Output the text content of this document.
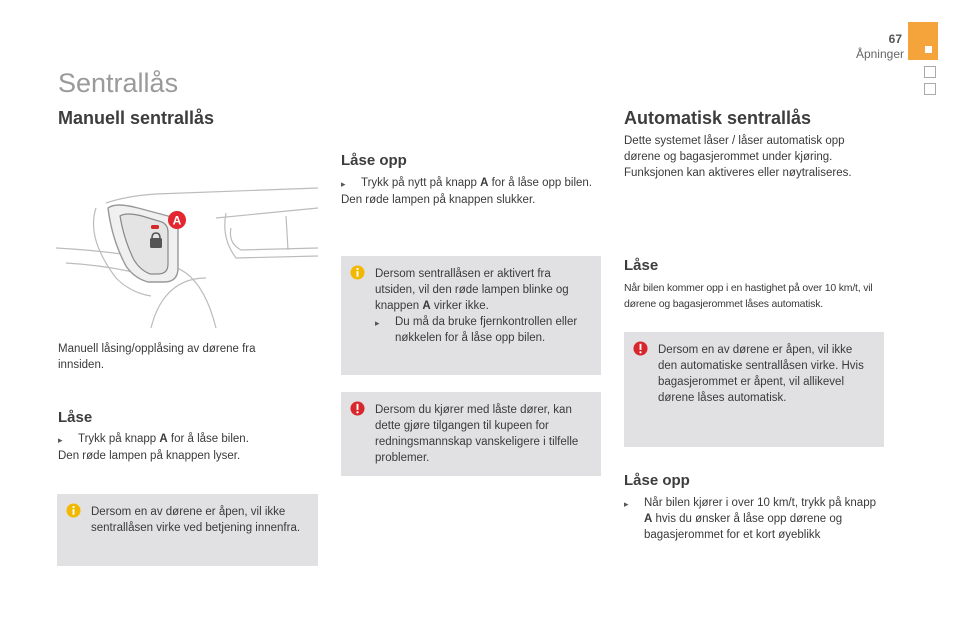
67
Åpninger
Sentrallås
Manuell sentrallås
A
Manuell låsing/opplåsing av dørene fra innsiden.
Låse
▸	Trykk på knapp A for å låse bilen.
Den røde lampen på knappen lyser.
Dersom en av dørene er åpen, vil ikke sentrallåsen virke ved betjening innenfra.
Låse opp
▸	Trykk på nytt på knapp A for å låse opp bilen.
Den røde lampen på knappen slukker.
Dersom sentrallåsen er aktivert fra utsiden, vil den røde lampen blinke og knappen A virker ikke.
▸	Du må da bruke fjernkontrollen eller nøkkelen for å låse opp bilen.
Dersom du kjører med låste dører, kan dette gjøre tilgangen til kupeen for redningsmannskap vanskeligere i tilfelle problemer.
Automatisk sentrallås
Dette systemet låser / låser automatisk opp dørene og bagasjerommet under kjøring. Funksjonen kan aktiveres eller nøytraliseres.
Låse
Når bilen kommer opp i en hastighet på over 10 km/t, vil dørene og bagasjerommet låses automatisk.
Dersom en av dørene er åpen, vil ikke den automatiske sentrallåsen virke. Hvis bagasjerommet er åpent, vil allikevel dørene låses automatisk.
Låse opp
▸	Når bilen kjører i over 10 km/t, trykk på knapp A hvis du ønsker å låse opp dørene og bagasjerommet for et kort øyeblikk
